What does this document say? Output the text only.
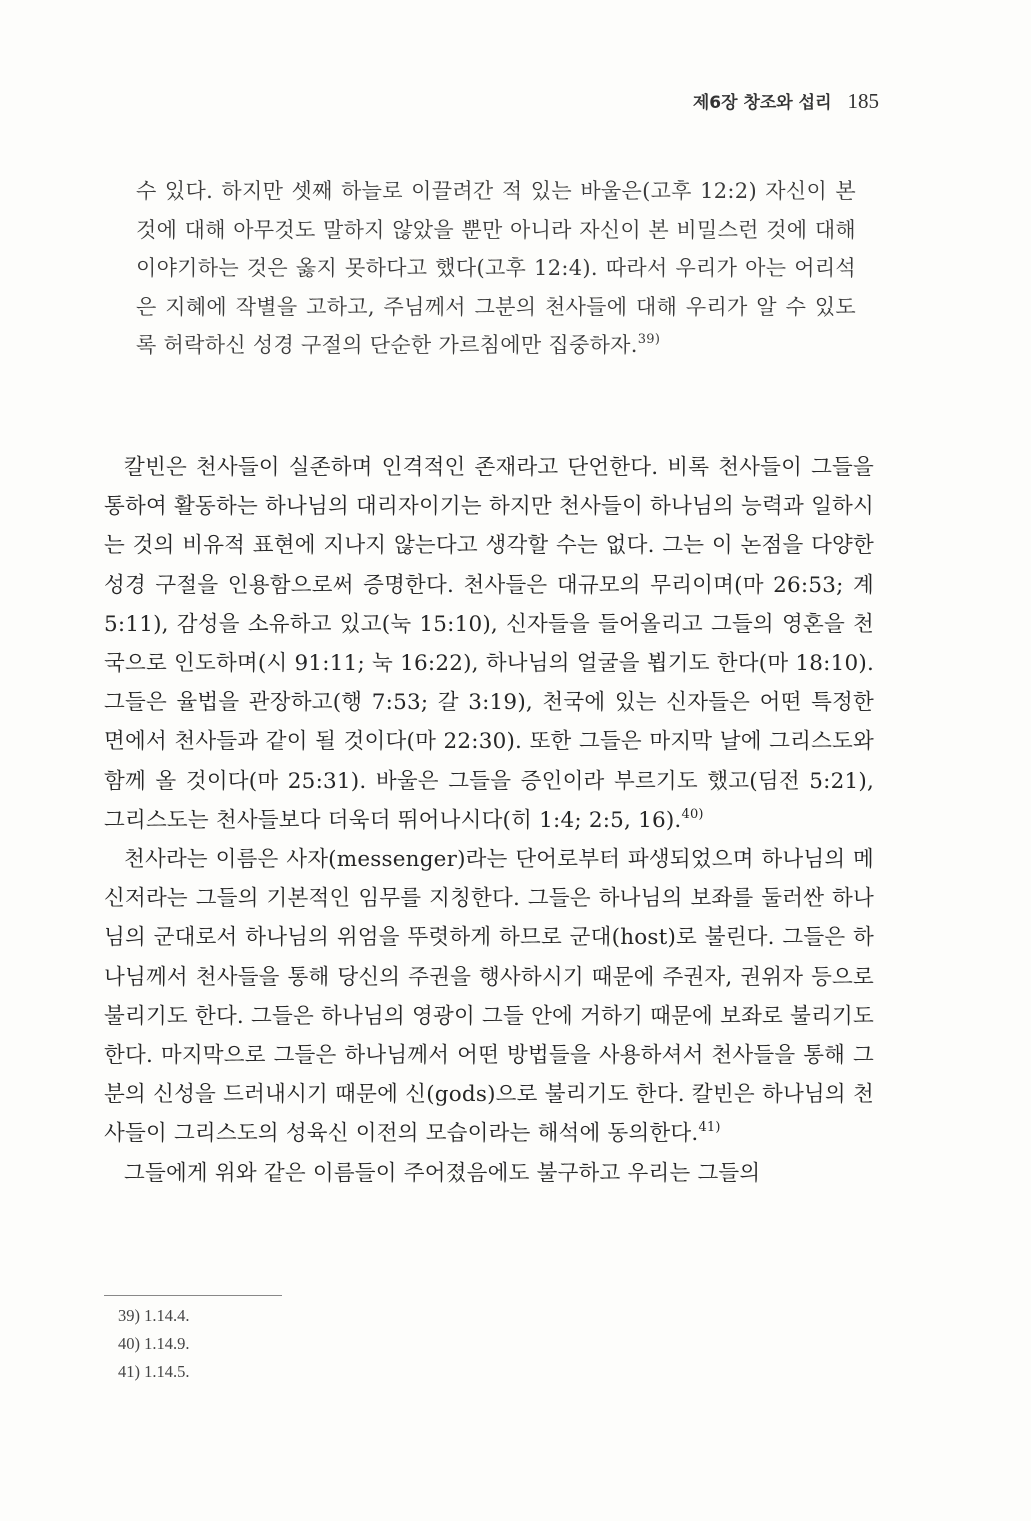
제6장 창조와 섭리 185
수 있다. 하지만 셋째 하늘로 이끌려간 적 있는 바울은(고후 12:2) 자신이 본 것에 대해 아무것도 말하지 않았을 뿐만 아니라 자신이 본 비밀스런 것에 대해 이야기하는 것은 옳지 못하다고 했다(고후 12:4). 따라서 우리가 아는 어리석은 지혜에 작별을 고하고, 주님께서 그분의 천사들에 대해 우리가 알 수 있도록 허락하신 성경 구절의 단순한 가르침에만 집중하자.$^{39)}$

칼빈은 천사들이 실존하며 인격적인 존재라고 단언한다. 비록 천사들이 그들을 통하여 활동하는 하나님의 대리자이기는 하지만 천사들이 하나님의 능력과 일하시는 것의 비유적 표현에 지나지 않는다고 생각할 수는 없다. 그는 이 논점을 다양한 성경 구절을 인용함으로써 증명한다. 천사들은 대규모의 무리이며(마 26:53; 계 5:11), 감성을 소유하고 있고(눅 15:10), 신자들을 들어올리고 그들의 영혼을 천국으로 인도하며(시 91:11; 눅 16:22), 하나님의 얼굴을 뵙기도 한다(마 18:10). 그들은 율법을 관장하고(행 7:53; 갈 3:19), 천국에 있는 신자들은 어떤 특정한 면에서 천사들과 같이 될 것이다(마 22:30). 또한 그들은 마지막 날에 그리스도와 함께 올 것이다(마 25:31). 바울은 그들을 증인이라 부르기도 했고(딤전 5:21), 그리스도는 천사들보다 더욱더 뛰어나시다(히 1:4; 2:5, 16).$^{40)}$

천사라는 이름은 사자(messenger)라는 단어로부터 파생되었으며 하나님의 메신저라는 그들의 기본적인 임무를 지칭한다. 그들은 하나님의 보좌를 둘러싼 하나님의 군대로서 하나님의 위엄을 뚜렷하게 하므로 군대(host)로 불린다. 그들은 하나님께서 천사들을 통해 당신의 주권을 행사하시기 때문에 주권자, 권위자 등으로 불리기도 한다. 그들은 하나님의 영광이 그들 안에 거하기 때문에 보좌로 불리기도 한다. 마지막으로 그들은 하나님께서 어떤 방법들을 사용하셔서 천사들을 통해 그분의 신성을 드러내시기 때문에 신(gods)으로 불리기도 한다. 칼빈은 하나님의 천사들이 그리스도의 성육신 이전의 모습이라는 해석에 동의한다.$^{41)}$

그들에게 위와 같은 이름들이 주어졌음에도 불구하고 우리는 그들의

39) 1.14.4.
40) 1.14.9.
41) 1.14.5.
